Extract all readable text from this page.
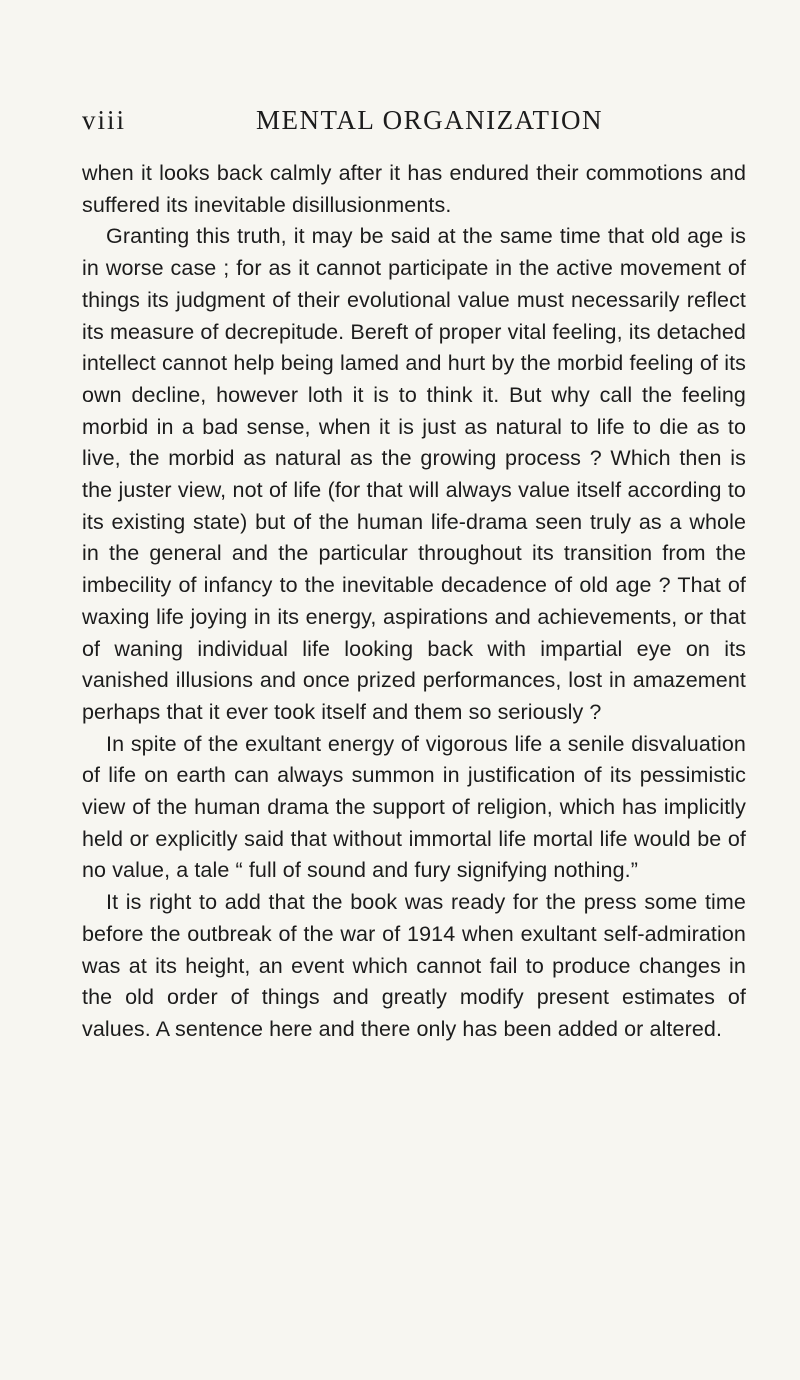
viii	MENTAL ORGANIZATION

when it looks back calmly after it has endured their commotions and suffered its inevitable disillusionments.

Granting this truth, it may be said at the same time that old age is in worse case ; for as it cannot participate in the active movement of things its judgment of their evolutional value must necessarily reflect its measure of decrepitude. Bereft of proper vital feeling, its detached intellect cannot help being lamed and hurt by the morbid feeling of its own decline, however loth it is to think it. But why call the feeling morbid in a bad sense, when it is just as natural to life to die as to live, the morbid as natural as the growing process ? Which then is the juster view, not of life (for that will always value itself according to its existing state) but of the human life-drama seen truly as a whole in the general and the particular throughout its transition from the imbecility of infancy to the inevitable decadence of old age ? That of waxing life joying in its energy, aspirations and achievements, or that of waning individual life looking back with impartial eye on its vanished illusions and once prized performances, lost in amazement perhaps that it ever took itself and them so seriously ?

In spite of the exultant energy of vigorous life a senile disvaluation of life on earth can always summon in justification of its pessimistic view of the human drama the support of religion, which has implicitly held or explicitly said that without immortal life mortal life would be of no value, a tale “ full of sound and fury signifying nothing.”

It is right to add that the book was ready for the press some time before the outbreak of the war of 1914 when exultant self-admiration was at its height, an event which cannot fail to produce changes in the old order of things and greatly modify present estimates of values. A sentence here and there only has been added or altered.
